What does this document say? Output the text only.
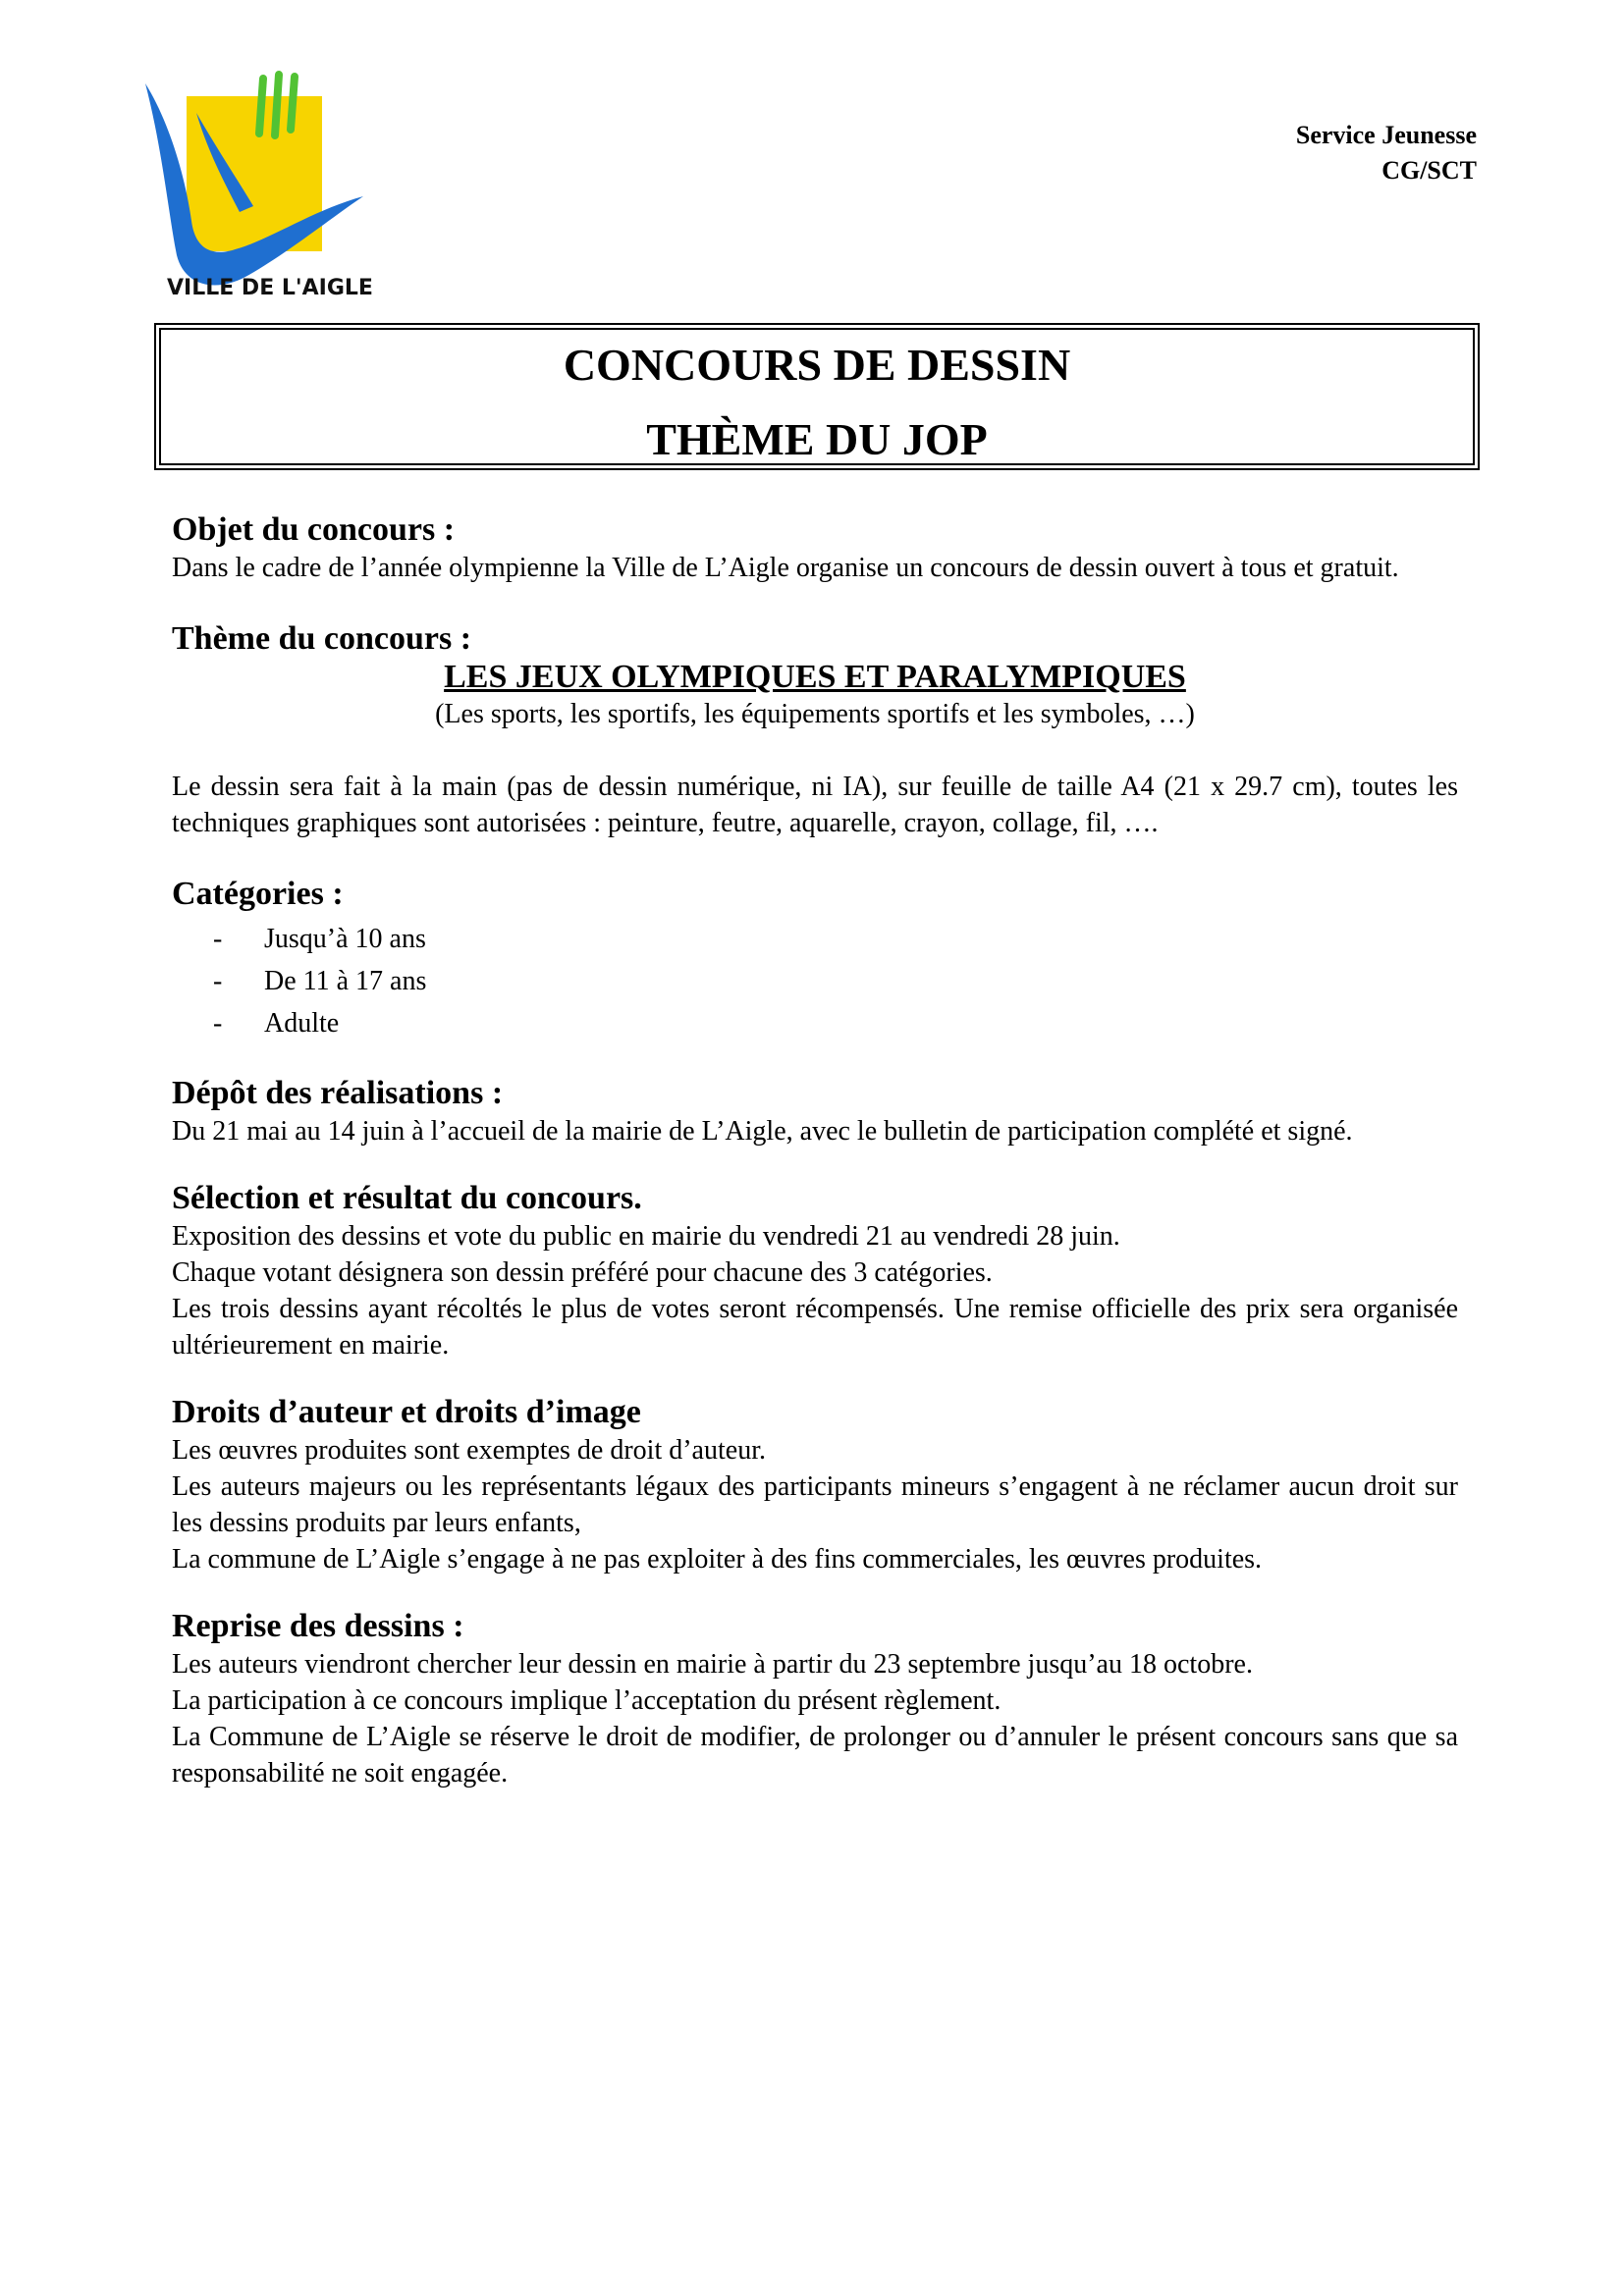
VILLE DE L'AIGLE
Service Jeunesse
CG/SCT
CONCOURS DE DESSIN
THÈME DU JOP
Objet du concours :

Dans le cadre de l’année olympienne la Ville de L’Aigle organise un concours de dessin ouvert à tous et gratuit.

Thème du concours :
LES JEUX OLYMPIQUES ET PARALYMPIQUES

(Les sports, les sportifs, les équipements sportifs et les symboles, …)

Le dessin sera fait à la main (pas de dessin numérique, ni IA), sur feuille de taille A4 (21 x 29.7 cm), toutes les techniques graphiques sont autorisées : peinture, feutre, aquarelle, crayon, collage, fil, ….

Catégories :
- Jusqu’à 10 ans
- De 11 à 17 ans
- Adulte
Dépôt des réalisations :

Du 21 mai au 14 juin à l’accueil de la mairie de L’Aigle, avec le bulletin de participation complété et signé.

Sélection et résultat du concours.

Exposition des dessins et vote du public en mairie du vendredi 21 au vendredi 28 juin.

Chaque votant désignera son dessin préféré pour chacune des 3 catégories.

Les trois dessins ayant récoltés le plus de votes seront récompensés. Une remise officielle des prix sera organisée ultérieurement en mairie.

Droits d’auteur et droits d’image

Les œuvres produites sont exemptes de droit d’auteur.

Les auteurs majeurs ou les représentants légaux des participants mineurs s’engagent à ne réclamer aucun droit sur les dessins produits par leurs enfants,

La commune de L’Aigle s’engage à ne pas exploiter à des fins commerciales, les œuvres produites.

Reprise des dessins :

Les auteurs viendront chercher leur dessin en mairie à partir du 23 septembre jusqu’au 18 octobre.

La participation à ce concours implique l’acceptation du présent règlement.

La Commune de L’Aigle se réserve le droit de modifier, de prolonger ou d’annuler le présent concours sans que sa responsabilité ne soit engagée.
